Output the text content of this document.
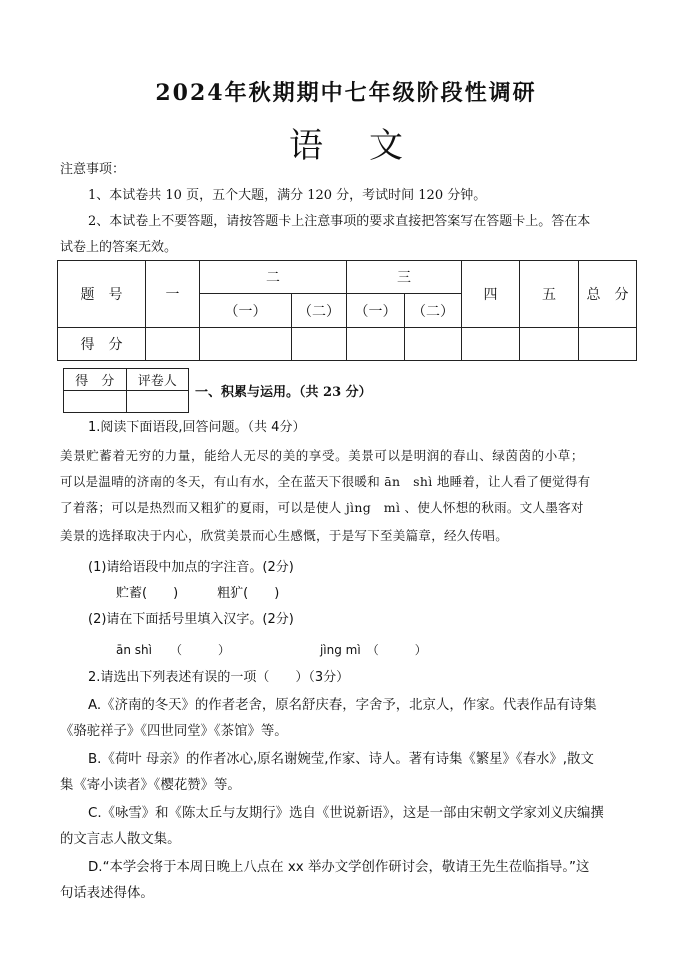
2024年秋期期中七年级阶段性调研
语文
注意事项：
1、本试卷共 10 页，五个大题，满分 120 分，考试时间 120 分钟。
2、本试卷上不要答题，请按答题卡上注意事项的要求直接把答案写在答题卡上。答在本
试卷上的答案无效。
题　号	一	二		三		四	五	总　分
		（一）	（二）	（一）	（二）			
得　分								
得　分	评卷人

一、积累与运用。（共 23 分）
1.阅读下面语段,回答问题。（共 4分）
美景贮蓄着无穷的力量，能给人无尽的美的享受。美景可以是明润的春山、绿茵茵的小草；
可以是温晴的济南的冬天，有山有水，全在蓝天下很暖和 ān　shì 地睡着，让人看了便觉得有
了着落；可以是热烈而又粗犷的夏雨，可以是使人 jìng　mì 、使人怀想的秋雨。文人墨客对
美景的选择取决于内心，欣赏美景而心生感慨，于是写下至美篇章，经久传唱。
(1)请给语段中加点的字注音。(2分)
贮蓄(　　)　　　粗犷(　　)
(2)请在下面括号里填入汉字。(2分)
ān shì　　（　　　）　　　　　　　　jìng mì　（　　　）
2.请选出下列表述有误的一项（　　）（3分）
A.《济南的冬天》的作者老舍，原名舒庆春，字舍予，北京人，作家。代表作品有诗集
《骆驼祥子》《四世同堂》《茶馆》等。
B.《荷叶 母亲》的作者冰心,原名谢婉莹,作家、诗人。著有诗集《繁星》《春水》,散文
集《寄小读者》《樱花赞》等。
C.《咏雪》和《陈太丘与友期行》选自《世说新语》，这是一部由宋朝文学家刘义庆编撰
的文言志人散文集。
D.“本学会将于本周日晚上八点在 xx 举办文学创作研讨会，敬请王先生莅临指导。”这
句话表述得体。
